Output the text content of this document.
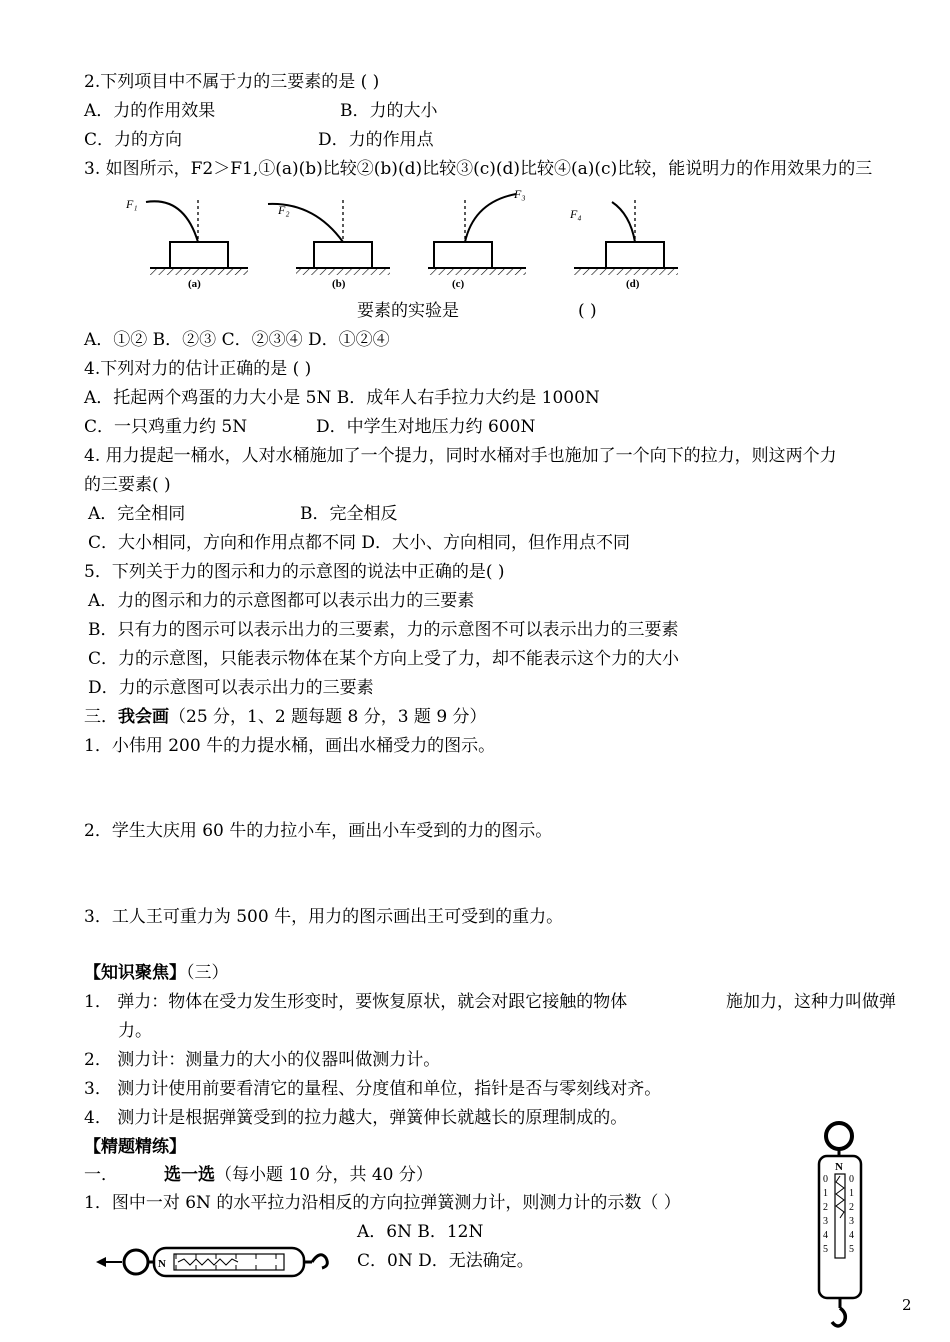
2.下列项目中不属于力的三要素的是 ( )
A．力的作用效果	B．力的大小
C．力的方向	D．力的作用点
3. 如图所示，F2＞F1,①(a)(b)比较②(b)(d)比较③(c)(d)比较④(a)(c)比较，能说明力的作用效果力的三
F₁
(a)
F₂
(b)
F₃
(c)
F₄
(d)
要素的实验是	( )
A．①② B．②③ C．②③④ D．①②④
4.下列对力的估计正确的是 ( )
A．托起两个鸡蛋的力大小是 5N B．成年人右手拉力大约是 1000N
C．一只鸡重力约 5N	D．中学生对地压力约 600N
4. 用力提起一桶水，人对水桶施加了一个提力，同时水桶对手也施加了一个向下的拉力，则这两个力
的三要素( )
A．完全相同	B．完全相反
C．大小相同，方向和作用点都不同 D．大小、方向相同，但作用点不同
5．下列关于力的图示和力的示意图的说法中正确的是( )
A．力的图示和力的示意图都可以表示出力的三要素
B．只有力的图示可以表示出力的三要素，力的示意图不可以表示出力的三要素
C．力的示意图，只能表示物体在某个方向上受了力，却不能表示这个力的大小
D．力的示意图可以表示出力的三要素
三．我会画（25 分，1、2 题每题 8 分，3 题 9 分）
1．小伟用 200 牛的力提水桶，画出水桶受力的图示。
2．学生大庆用 60 牛的力拉小车，画出小车受到的力的图示。
3．工人王可重力为 500 牛，用力的图示画出王可受到的重力。
【知识聚焦】（三）
1． 弹力：物体在受力发生形变时，要恢复原状，就会对跟它接触的物体	施加力，这种力叫做弹
力。
2． 测力计：测量力的大小的仪器叫做测力计。
3． 测力计使用前要看清它的量程、分度值和单位，指针是否与零刻线对齐。
4． 测力计是根据弹簧受到的拉力越大，弹簧伸长就越长的原理制成的。
【精题精练】
一．	选一选（每小题 10 分，共 40 分）
1．图中一对 6N 的水平拉力沿相反的方向拉弹簧测力计，则测力计的示数（ ）
A．6N B．12N
C．0N D．无法确定。
N
N
0
1
2
3
4
5
0
1
2
3
4
5
2
